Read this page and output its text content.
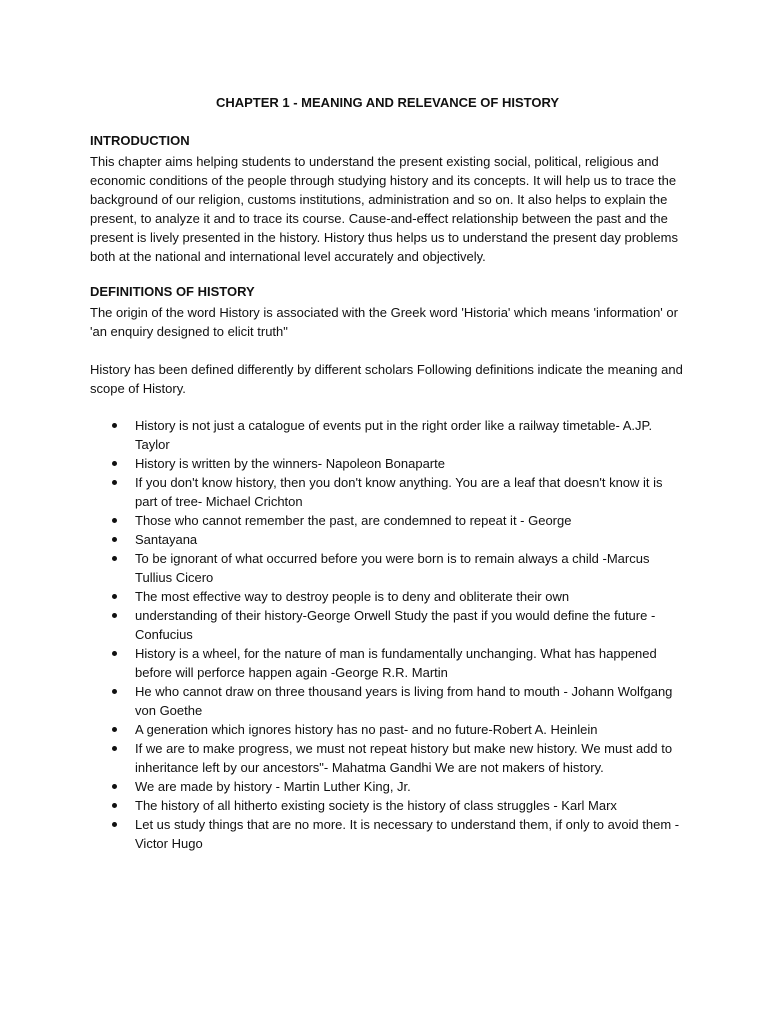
CHAPTER 1 - MEANING AND RELEVANCE OF HISTORY

INTRODUCTION

This chapter aims helping students to understand the present existing social, political, religious and economic conditions of the people through studying history and its concepts. It will help us to trace the background of our religion, customs institutions, administration and so on. It also helps to explain the present, to analyze it and to trace its course. Cause-and-effect relationship between the past and the present is lively presented in the history. History thus helps us to understand the present day problems both at the national and international level accurately and objectively.

DEFINITIONS OF HISTORY

The origin of the word History is associated with the Greek word 'Historia' which means 'information' or 'an enquiry designed to elicit truth"

History has been defined differently by different scholars Following definitions indicate the meaning and scope of History.

History is not just a catalogue of events put in the right order like a railway timetable- A.JP. Taylor
History is written by the winners- Napoleon Bonaparte
If you don't know history, then you don't know anything. You are a leaf that doesn't know it is part of tree- Michael Crichton
Those who cannot remember the past, are condemned to repeat it - George
Santayana
To be ignorant of what occurred before you were born is to remain always a child -Marcus Tullius Cicero
The most effective way to destroy people is to deny and obliterate their own
understanding of their history-George Orwell Study the past if you would define the future -Confucius
History is a wheel, for the nature of man is fundamentally unchanging. What has happened before will perforce happen again -George R.R. Martin
He who cannot draw on three thousand years is living from hand to mouth - Johann Wolfgang von Goethe
A generation which ignores history has no past- and no future-Robert A. Heinlein
If we are to make progress, we must not repeat history but make new history. We must add to inheritance left by our ancestors"- Mahatma Gandhi We are not makers of history.
We are made by history - Martin Luther King, Jr.
The history of all hitherto existing society is the history of class struggles - Karl Marx
Let us study things that are no more. It is necessary to understand them, if only to avoid them -Victor Hugo
